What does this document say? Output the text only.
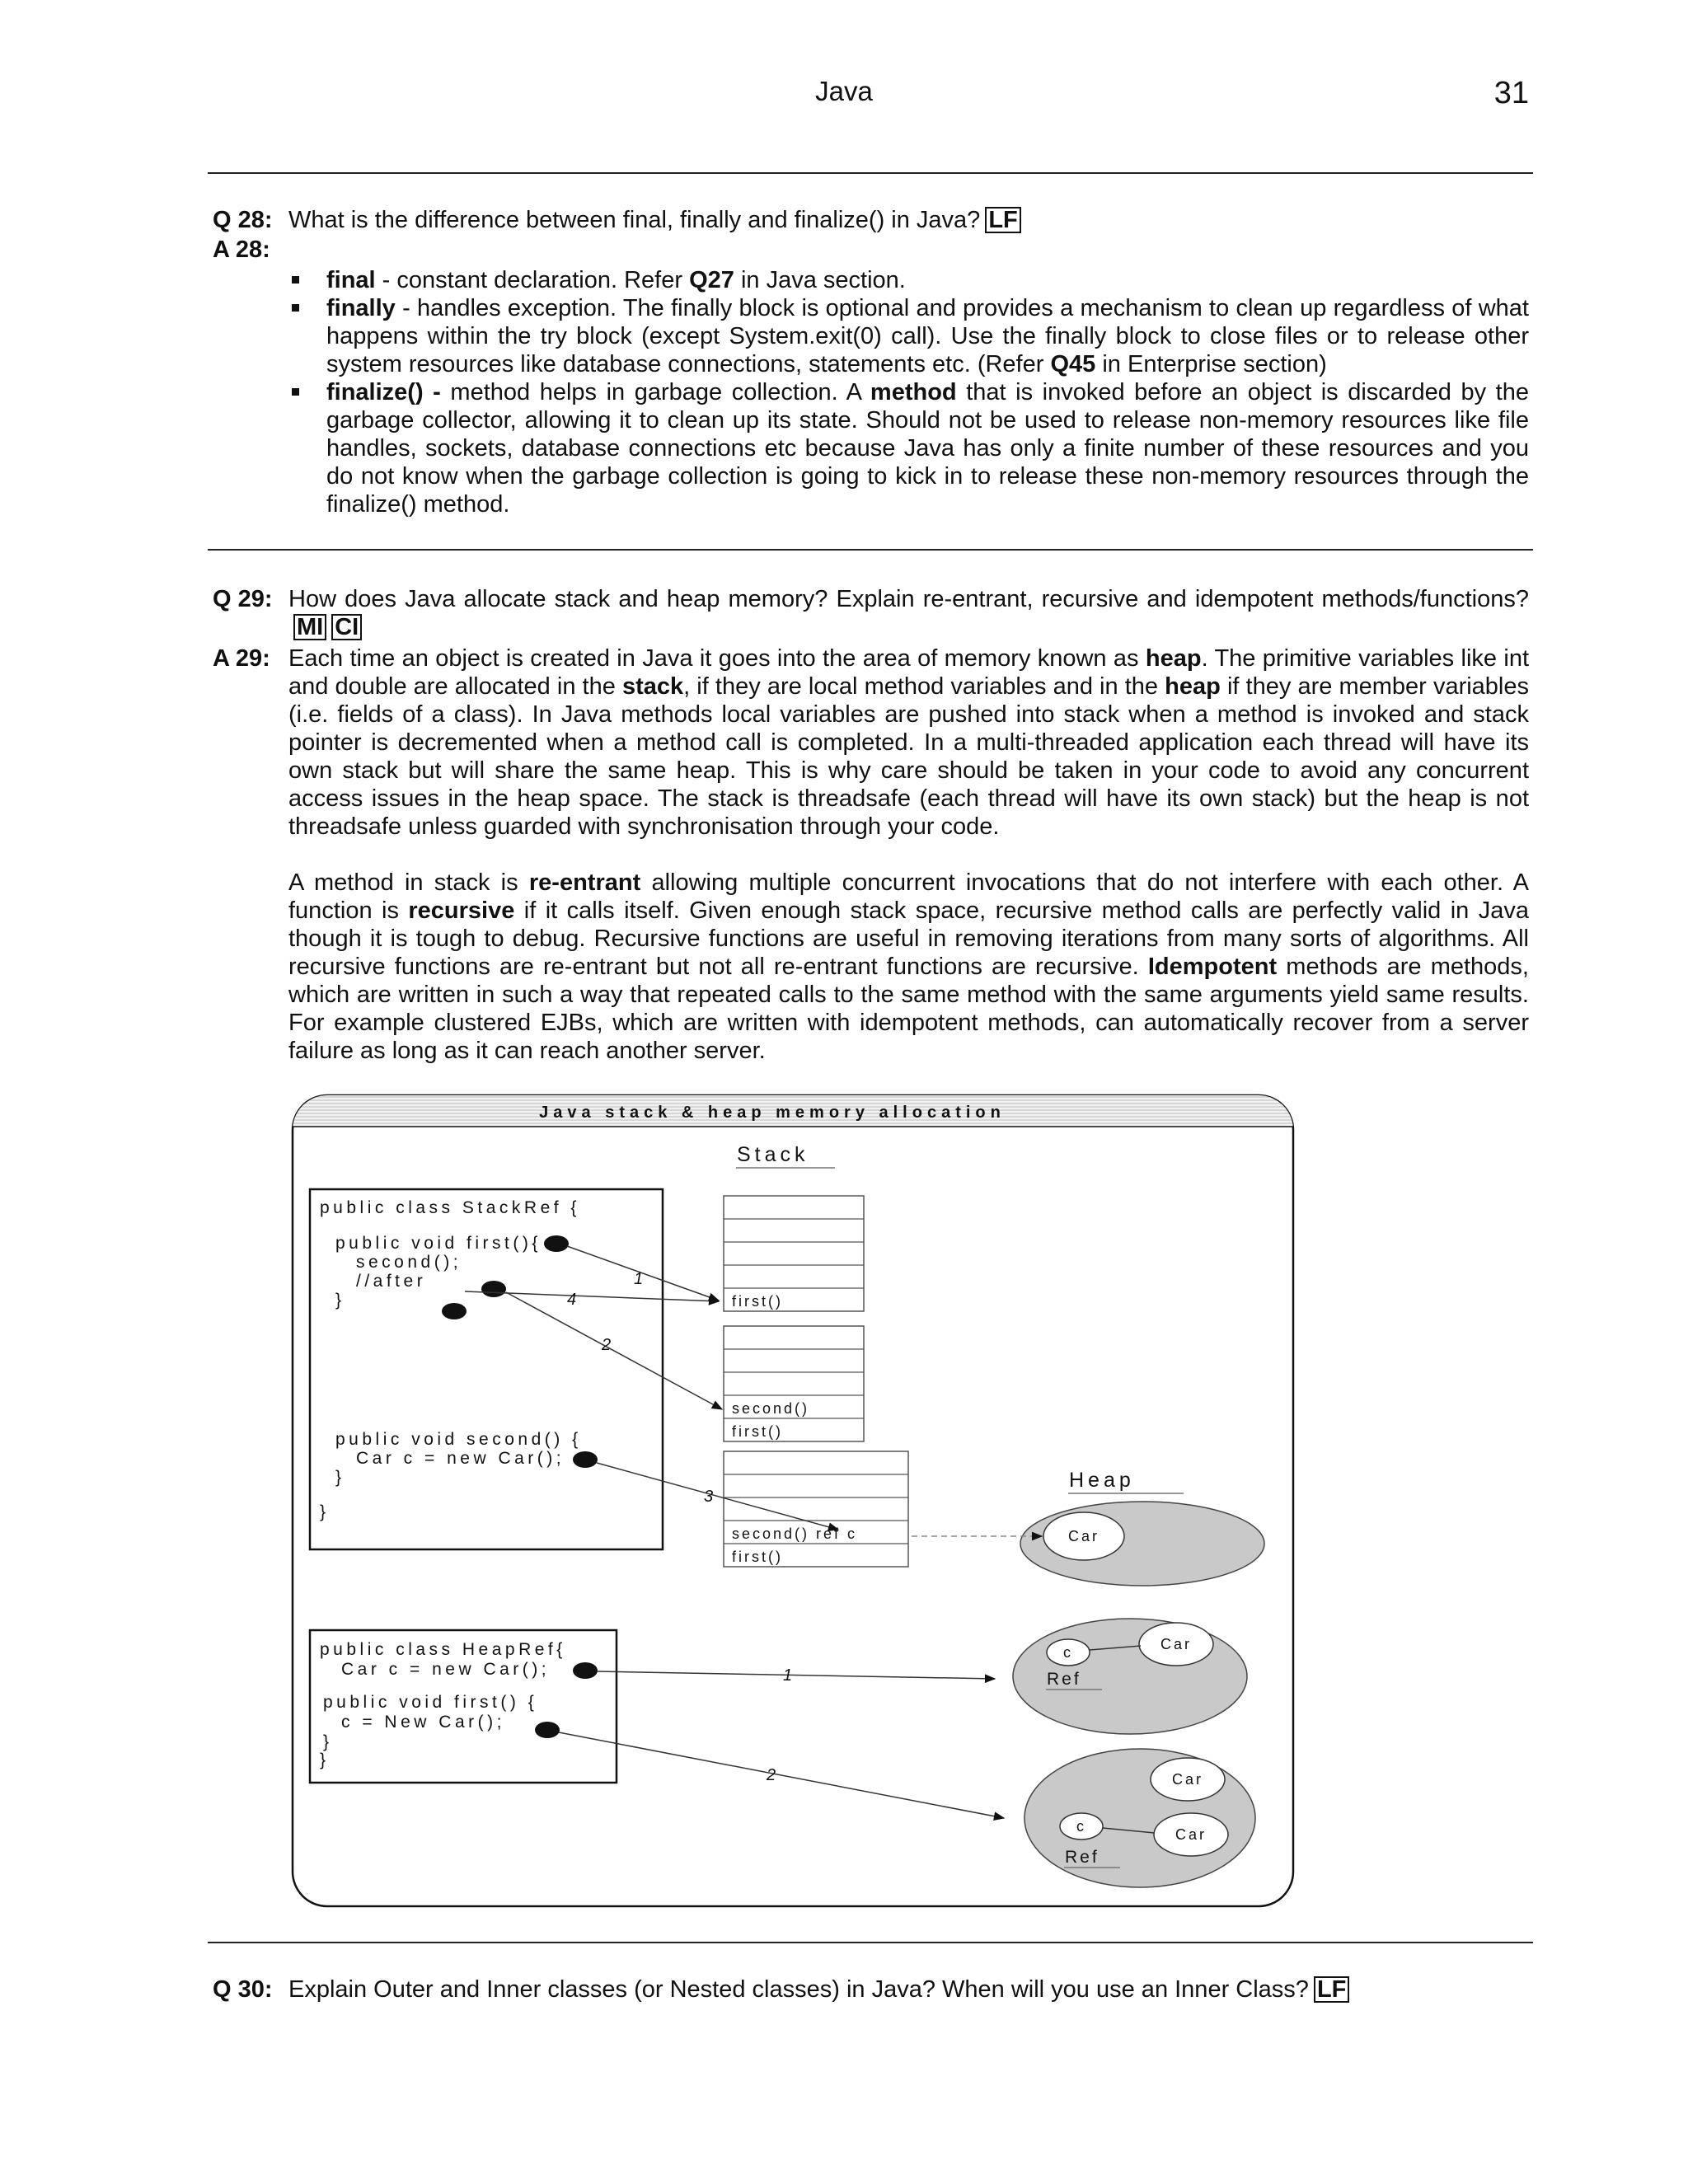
Java	31
Q 28: What is the difference between final, finally and finalize() in Java? LF
A 28:
final - constant declaration. Refer Q27 in Java section.
finally - handles exception. The finally block is optional and provides a mechanism to clean up regardless of what happens within the try block (except System.exit(0) call). Use the finally block to close files or to release other system resources like database connections, statements etc. (Refer Q45 in Enterprise section)
finalize() - method helps in garbage collection. A method that is invoked before an object is discarded by the garbage collector, allowing it to clean up its state. Should not be used to release non-memory resources like file handles, sockets, database connections etc because Java has only a finite number of these resources and you do not know when the garbage collection is going to kick in to release these non-memory resources through the finalize() method.
Q 29: How does Java allocate stack and heap memory? Explain re-entrant, recursive and idempotent methods/functions?MI CI
A 29: Each time an object is created in Java it goes into the area of memory known as heap. The primitive variables like int and double are allocated in the stack, if they are local method variables and in the heap if they are member variables (i.e. fields of a class). In Java methods local variables are pushed into stack when a method is invoked and stack pointer is decremented when a method call is completed. In a multi-threaded application each thread will have its own stack but will share the same heap. This is why care should be taken in your code to avoid any concurrent access issues in the heap space. The stack is threadsafe (each thread will have its own stack) but the heap is not threadsafe unless guarded with synchronisation through your code.

A method in stack is re-entrant allowing multiple concurrent invocations that do not interfere with each other. A function is recursive if it calls itself. Given enough stack space, recursive method calls are perfectly valid in Java though it is tough to debug. Recursive functions are useful in removing iterations from many sorts of algorithms. All recursive functions are re-entrant but not all re-entrant functions are recursive. Idempotent methods are methods, which are written in such a way that repeated calls to the same method with the same arguments yield same results. For example clustered EJBs, which are written with idempotent methods, can automatically recover from a server failure as long as it can reach another server.

Java stack & heap memory allocation
Stack
public class StackRef {
public void first(){
second();
//after
}
public void second() {
Car c = new Car();
}
}
first()
second()
first()
second() ref c
first()
Heap
Car
public class HeapRef{
Car c = new Car();
public void first() {
c = New Car();
}
}
Car
c
Ref
Car
Car
c
Ref
1
4
2
3
1
2
Q 30: Explain Outer and Inner classes (or Nested classes) in Java? When will you use an Inner Class? LF
